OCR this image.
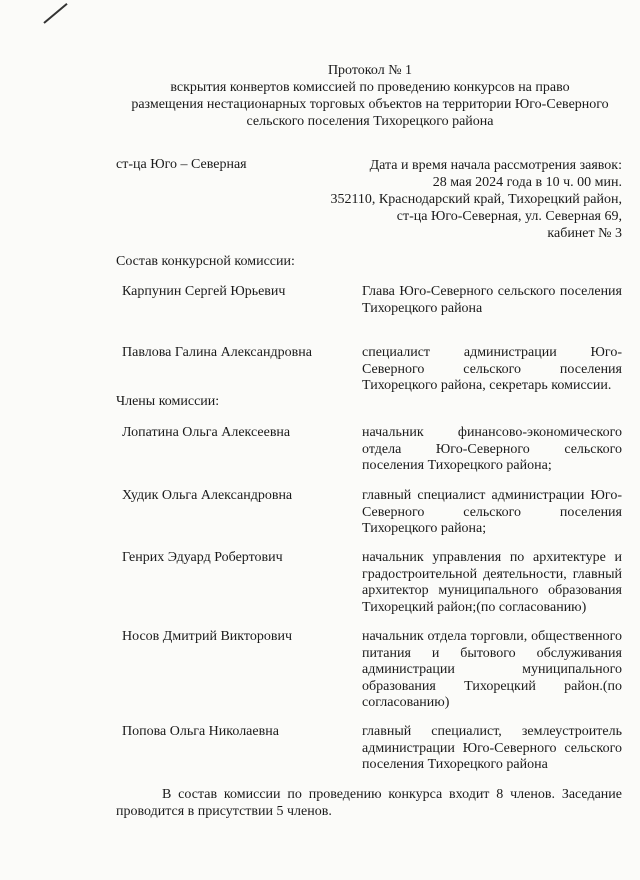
Протокол № 1
вскрытия конвертов комиссией по проведению конкурсов на право
размещения нестационарных торговых объектов на территории Юго-Северного
сельского поселения Тихорецкого района
ст-ца Юго – Северная	Дата и время начала рассмотрения заявок:
28 мая 2024 года в 10 ч. 00 мин.
352110, Краснодарский край, Тихорецкий район,
ст-ца Юго-Северная, ул. Северная 69,
кабинет № 3
Состав конкурсной комиссии:
Карпунин Сергей Юрьевич	Глава Юго-Северного сельского поселения Тихорецкого района
Павлова Галина Александровна	специалист администрации Юго-Северного сельского поселения Тихорецкого района, секретарь комиссии.
Члены комиссии:
Лопатина Ольга Алексеевна	начальник финансово-экономического отдела Юго-Северного сельского поселения Тихорецкого района;
Худик Ольга Александровна	главный специалист администрации Юго-Северного сельского поселения Тихорецкого района;
Генрих Эдуард Робертович	начальник управления по архитектуре и градостроительной деятельности, главный архитектор муниципального образования Тихорецкий район;(по согласованию)
Носов Дмитрий Викторович	начальник отдела торговли, общественного питания и бытового обслуживания администрации муниципального образования Тихорецкий район.(по согласованию)
Попова Ольга Николаевна	главный специалист, землеустроитель администрации Юго-Северного сельского поселения Тихорецкого района
В состав комиссии по проведению конкурса входит 8 членов. Заседание проводится в присутствии 5 членов.
